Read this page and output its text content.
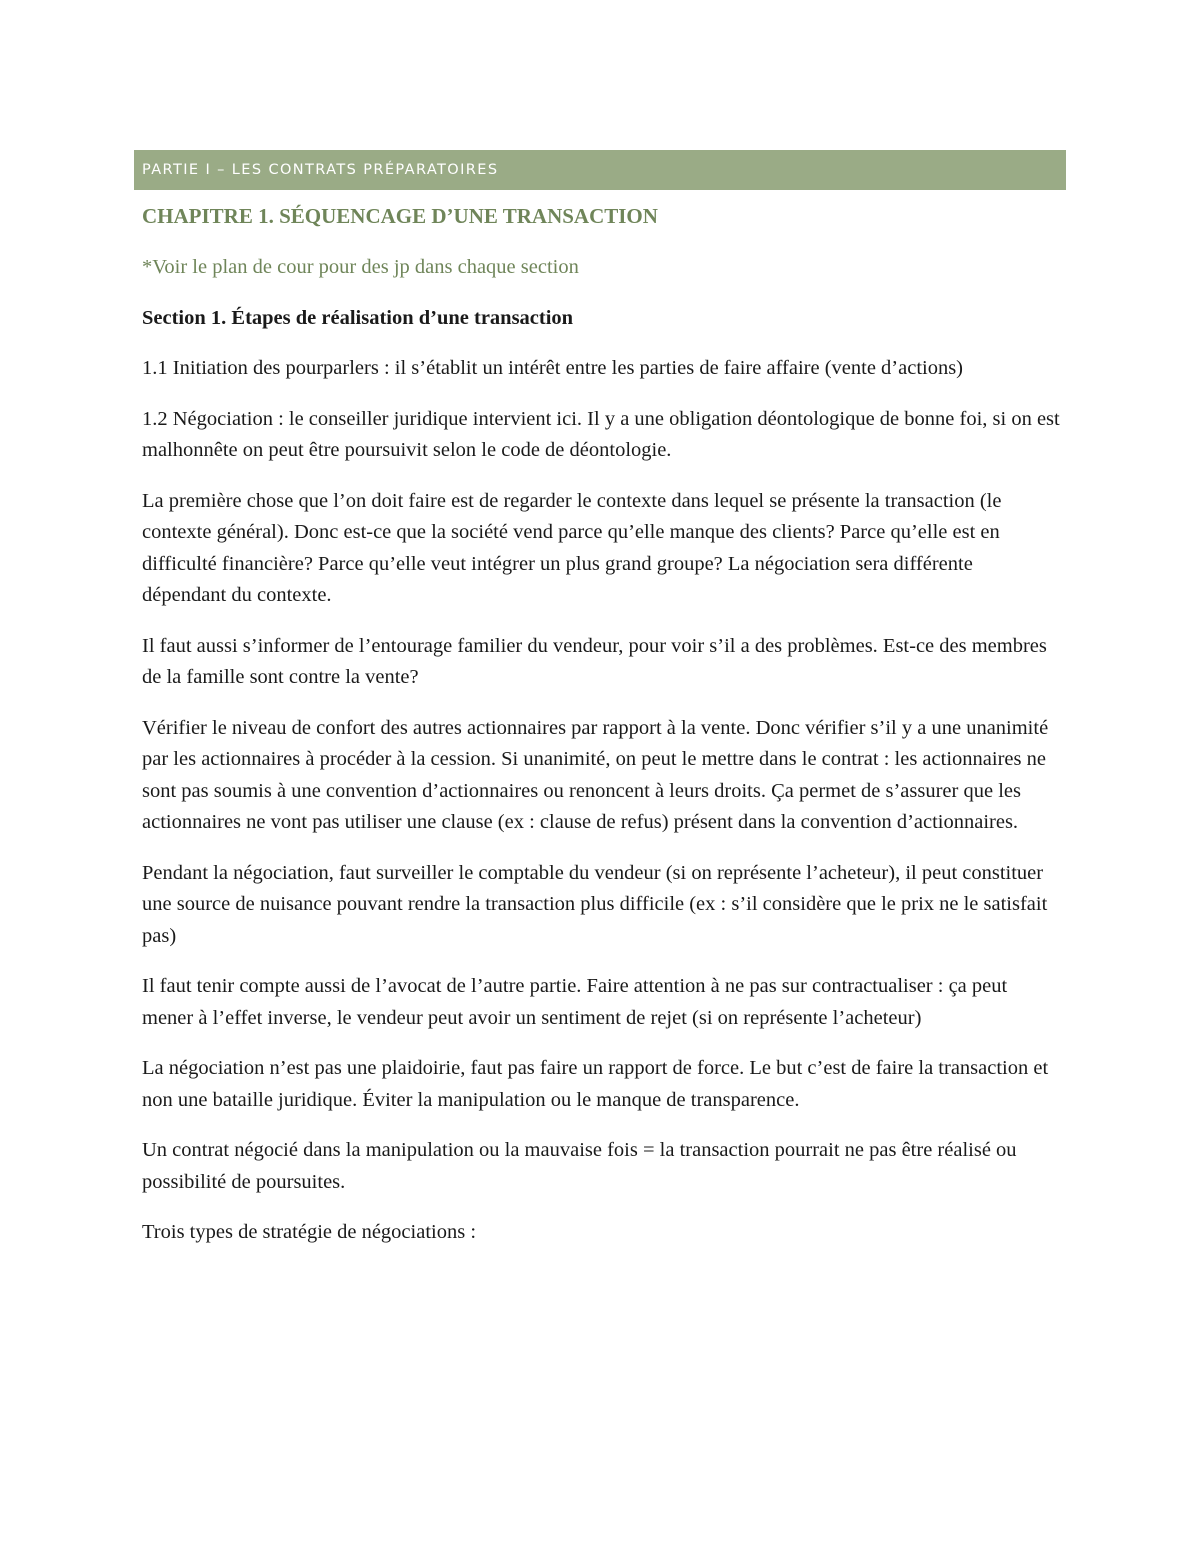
PARTIE I – LES CONTRATS PRÉPARATOIRES
CHAPITRE 1. SÉQUENCAGE D’UNE TRANSACTION

*Voir le plan de cour pour des jp dans chaque section

Section 1. Étapes de réalisation d’une transaction

1.1 Initiation des pourparlers : il s’établit un intérêt entre les parties de faire affaire (vente d’actions)

1.2 Négociation : le conseiller juridique intervient ici. Il y a une obligation déontologique de bonne foi, si on est malhonnête on peut être poursuivit selon le code de déontologie.

La première chose que l’on doit faire est de regarder le contexte dans lequel se présente la transaction (le contexte général). Donc est-ce que la société vend parce qu’elle manque des clients? Parce qu’elle est en difficulté financière? Parce qu’elle veut intégrer un plus grand groupe? La négociation sera différente dépendant du contexte.

Il faut aussi s’informer de l’entourage familier du vendeur, pour voir s’il a des problèmes. Est-ce des membres de la famille sont contre la vente?

Vérifier le niveau de confort des autres actionnaires par rapport à la vente. Donc vérifier s’il y a une unanimité par les actionnaires à procéder à la cession. Si unanimité, on peut le mettre dans le contrat : les actionnaires ne sont pas soumis à une convention d’actionnaires ou renoncent à leurs droits. Ça permet de s’assurer que les actionnaires ne vont pas utiliser une clause (ex : clause de refus) présent dans la convention d’actionnaires.

Pendant la négociation, faut surveiller le comptable du vendeur (si on représente l’acheteur), il peut constituer une source de nuisance pouvant rendre la transaction plus difficile (ex : s’il considère que le prix ne le satisfait pas)

Il faut tenir compte aussi de l’avocat de l’autre partie. Faire attention à ne pas sur contractualiser : ça peut mener à l’effet inverse, le vendeur peut avoir un sentiment de rejet (si on représente l’acheteur)

La négociation n’est pas une plaidoirie, faut pas faire un rapport de force. Le but c’est de faire la transaction et non une bataille juridique. Éviter la manipulation ou le manque de transparence.

Un contrat négocié dans la manipulation ou la mauvaise fois = la transaction pourrait ne pas être réalisé ou possibilité de poursuites.

Trois types de stratégie de négociations :
